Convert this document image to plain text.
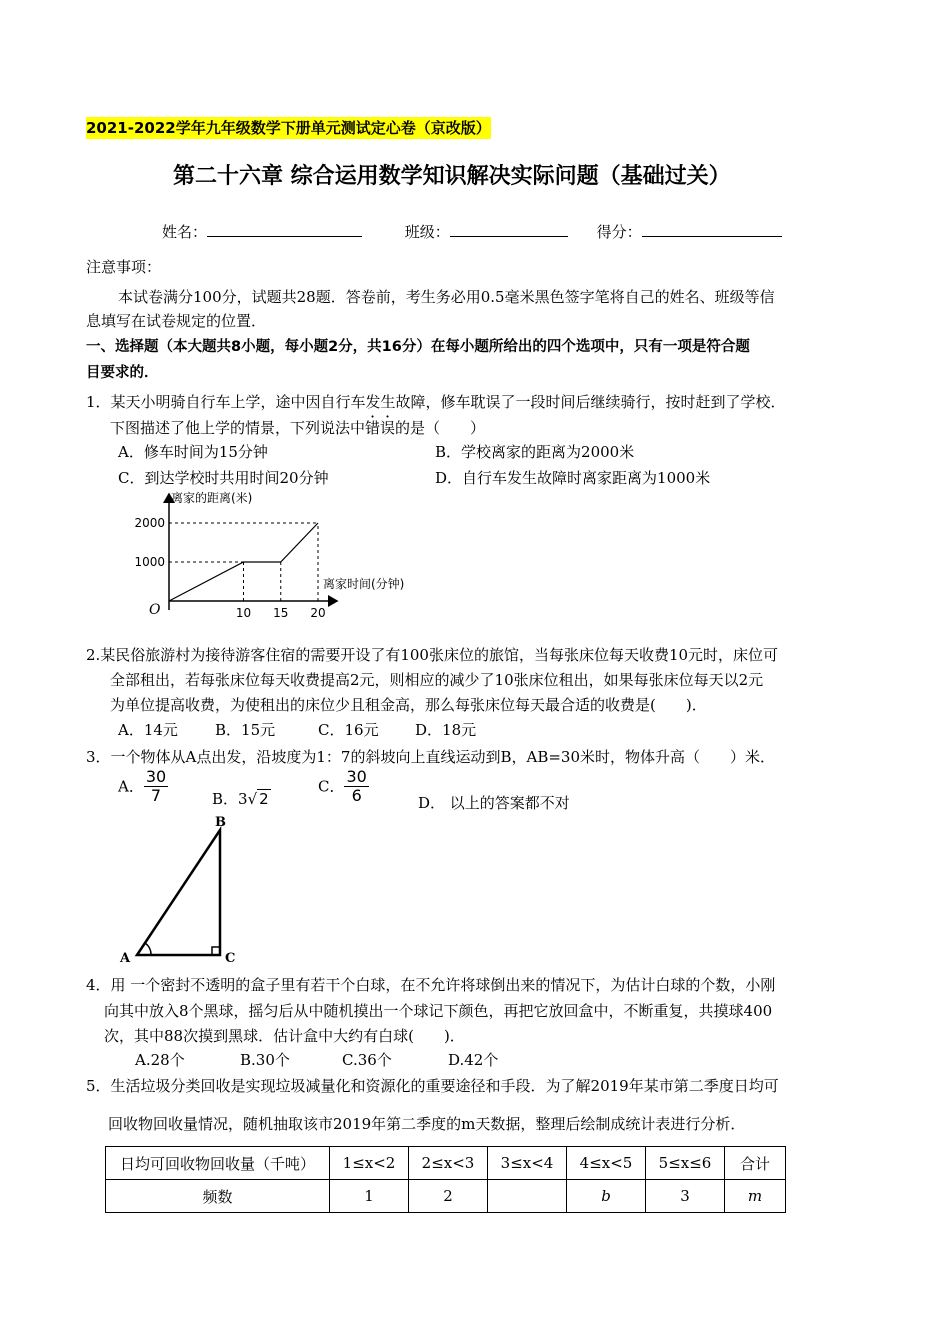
2021-2022学年九年级数学下册单元测试定心卷（京改版）
第二十六章 综合运用数学知识解决实际问题（基础过关）
姓名：	班级：	得分：
注意事项：
本试卷满分100分，试题共28题．答卷前，考生务必用0.5毫米黑色签字笔将自己的姓名、班级等信
息填写在试卷规定的位置．
一、选择题（本大题共8小题，每小题2分，共16分）在每小题所给出的四个选项中，只有一项是符合题
目要求的．
1．某天小明骑自行车上学，途中因自行车发生故障，修车耽误了一段时间后继续骑行，按时赶到了学校．
下图描述了他上学的情景，下列说法中错误的是（　　）
A．修车时间为15分钟	B．学校离家的距离为2000米
C．到达学校时共用时间20分钟	D．自行车发生故障时离家距离为1000米
离家的距离(米)
离家时间(分钟)
O	10 15 20
1000
2000
2.某民俗旅游村为接待游客住宿的需要开设了有100张床位的旅馆，当每张床位每天收费10元时，床位可
全部租出，若每张床位每天收费提高2元，则相应的减少了10张床位租出，如果每张床位每天以2元
为单位提高收费，为使租出的床位少且租金高，那么每张床位每天最合适的收费是(　　)．
A．14元 B．15元	C．16元 D．18元
3．一个物体从A点出发，沿坡度为1：7的斜坡向上直线运动到B，AB=30米时，物体升高（　　）米．
A． $\frac{30}{7}$	B．3√ 2
C． $\frac{30}{6}$	D． 以上的答案都不对
B
A	C
4．用 一个密封不透明的盒子里有若干个白球，在不允许将球倒出来的情况下，为估计白球的个数，小刚
向其中放入8个黑球，摇匀后从中随机摸出一个球记下颜色，再把它放回盒中，不断重复，共摸球400
次，其中88次摸到黑球．估计盒中大约有白球(　　)．
A.28个	B.30个	C.36个	D.42个
5．生活垃圾分类回收是实现垃圾减量化和资源化的重要途径和手段．为了解2019年某市第二季度日均可
回收物回收量情况，随机抽取该市2019年第二季度的m天数据，整理后绘制成统计表进行分析．
日均可回收物回收量（千吨）	1≤x<2	2≤x<3	3≤x<4	4≤x<5	5≤x≤6	合计
频数	1	2		b	3	m
